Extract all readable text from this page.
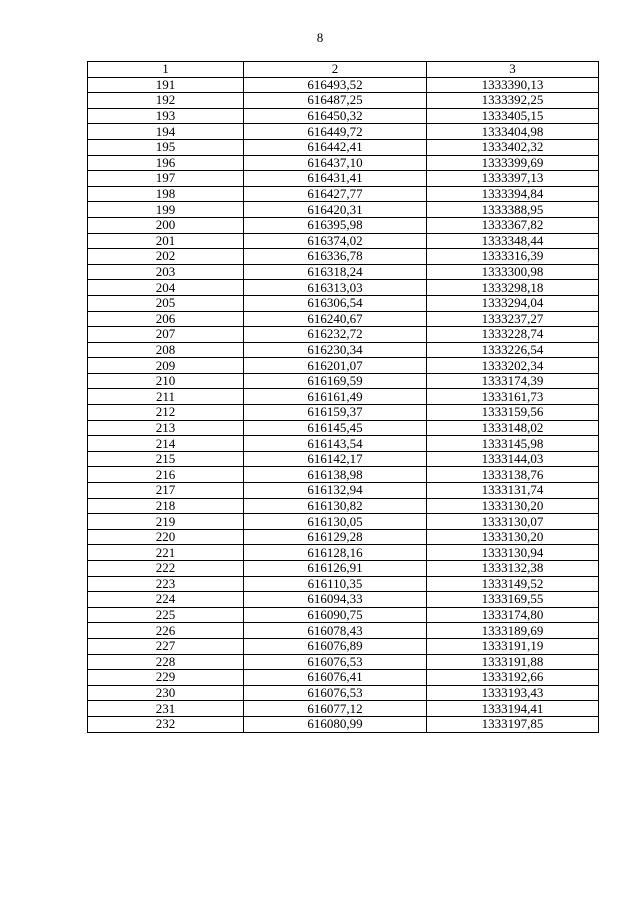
8
1	2	3
191	616493,52	1333390,13
192	616487,25	1333392,25
193	616450,32	1333405,15
194	616449,72	1333404,98
195	616442,41	1333402,32
196	616437,10	1333399,69
197	616431,41	1333397,13
198	616427,77	1333394,84
199	616420,31	1333388,95
200	616395,98	1333367,82
201	616374,02	1333348,44
202	616336,78	1333316,39
203	616318,24	1333300,98
204	616313,03	1333298,18
205	616306,54	1333294,04
206	616240,67	1333237,27
207	616232,72	1333228,74
208	616230,34	1333226,54
209	616201,07	1333202,34
210	616169,59	1333174,39
211	616161,49	1333161,73
212	616159,37	1333159,56
213	616145,45	1333148,02
214	616143,54	1333145,98
215	616142,17	1333144,03
216	616138,98	1333138,76
217	616132,94	1333131,74
218	616130,82	1333130,20
219	616130,05	1333130,07
220	616129,28	1333130,20
221	616128,16	1333130,94
222	616126,91	1333132,38
223	616110,35	1333149,52
224	616094,33	1333169,55
225	616090,75	1333174,80
226	616078,43	1333189,69
227	616076,89	1333191,19
228	616076,53	1333191,88
229	616076,41	1333192,66
230	616076,53	1333193,43
231	616077,12	1333194,41
232	616080,99	1333197,85
